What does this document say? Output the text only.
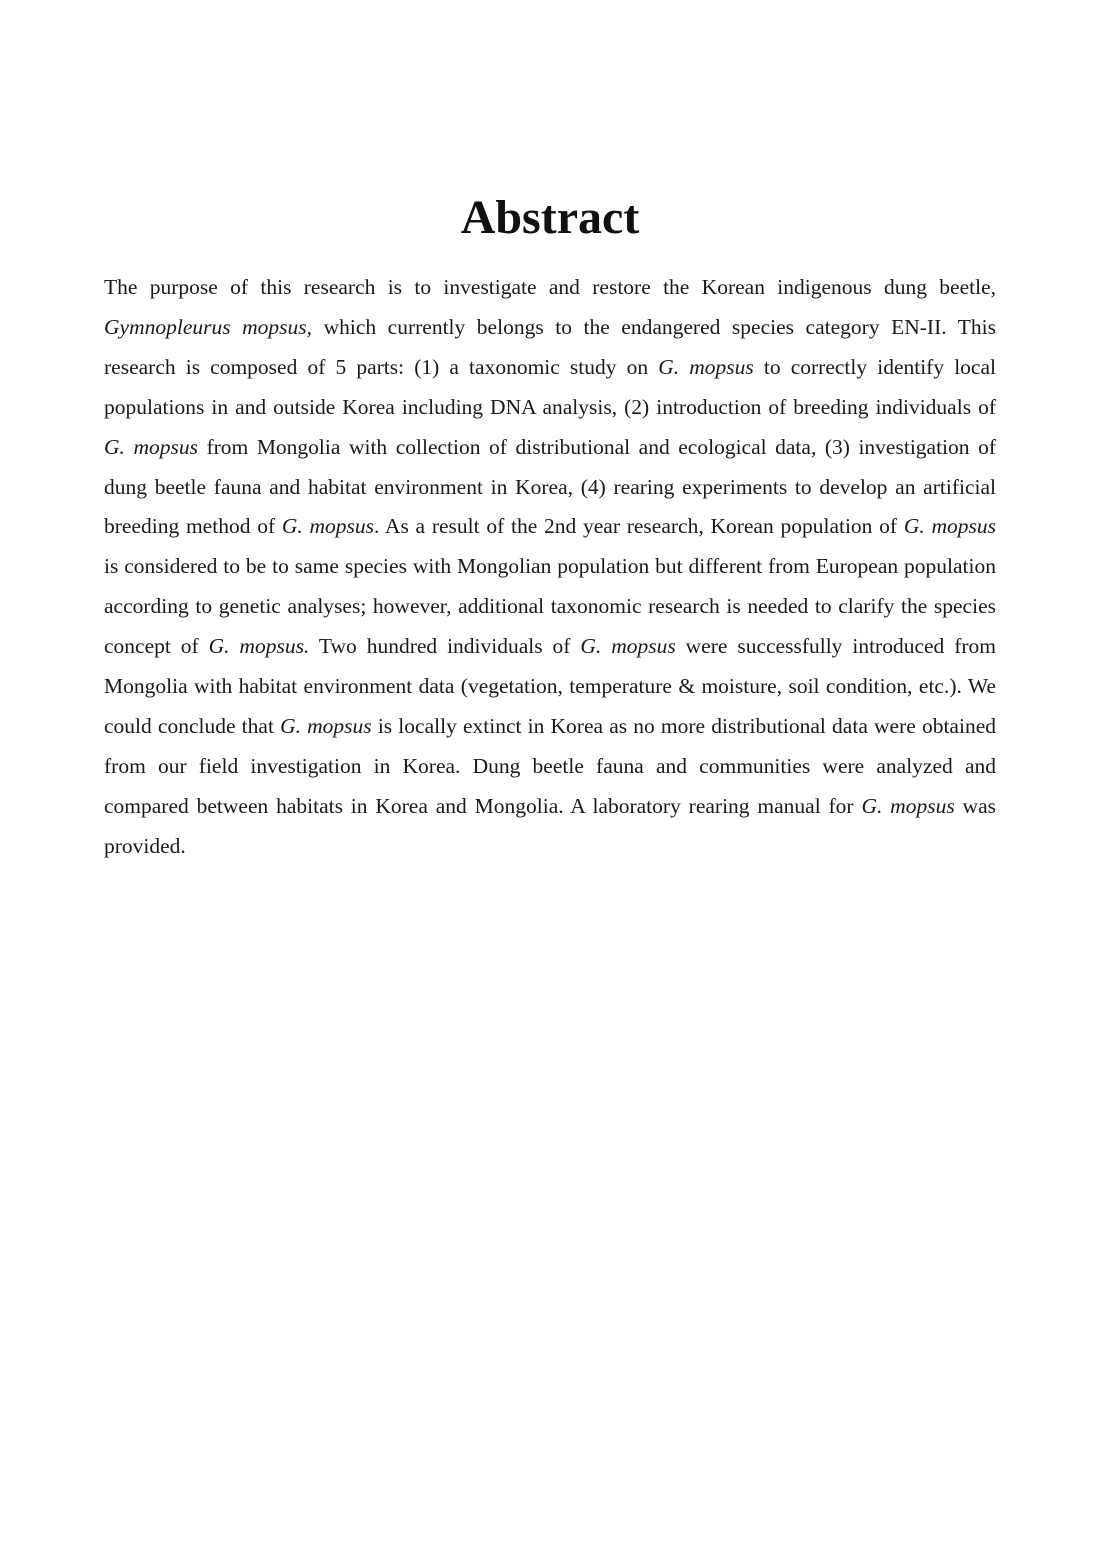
Abstract

The purpose of this research is to investigate and restore the Korean indigenous dung beetle, Gymnopleurus mopsus, which currently belongs to the endangered species category EN-II. This research is composed of 5 parts: (1) a taxonomic study on G. mopsus to correctly identify local populations in and outside Korea including DNA analysis, (2) introduction of breeding individuals of G. mopsus from Mongolia with collection of distributional and ecological data, (3) investigation of dung beetle fauna and habitat environment in Korea, (4) rearing experiments to develop an artificial breeding method of G. mopsus. As a result of the 2nd year research, Korean population of G. mopsus is considered to be to same species with Mongolian population but different from European population according to genetic analyses; however, additional taxonomic research is needed to clarify the species concept of G. mopsus. Two hundred individuals of G. mopsus were successfully introduced from Mongolia with habitat environment data (vegetation, temperature & moisture, soil condition, etc.). We could conclude that G. mopsus is locally extinct in Korea as no more distributional data were obtained from our field investigation in Korea. Dung beetle fauna and communities were analyzed and compared between habitats in Korea and Mongolia. A laboratory rearing manual for G. mopsus was provided.
